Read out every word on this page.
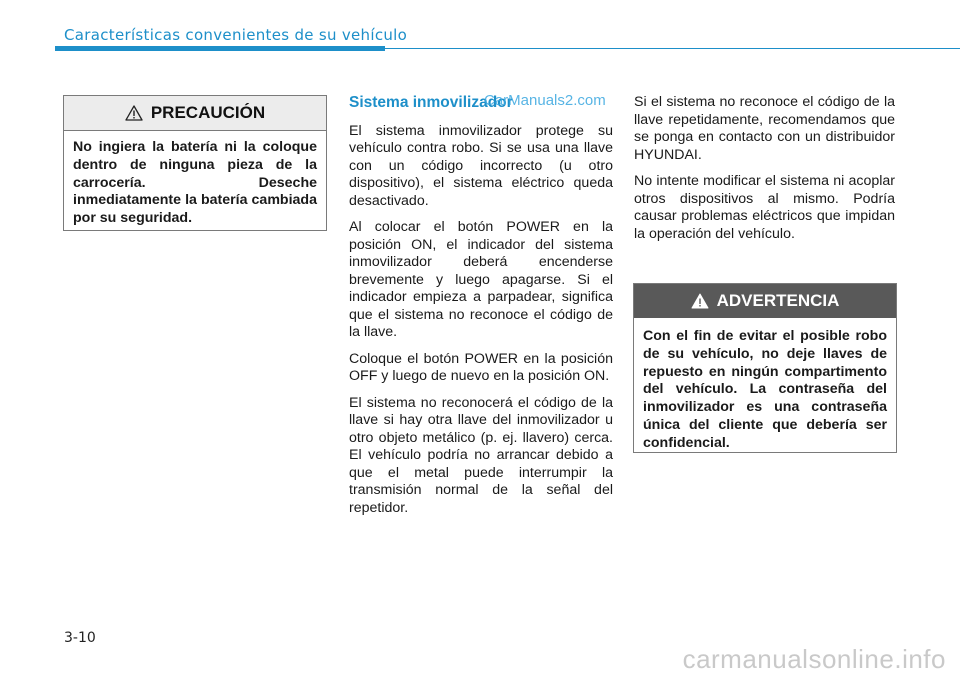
Características convenientes de su vehículo
PRECAUCIÓN
No ingiera la batería ni la coloque dentro de ninguna pieza de la carrocería. Deseche inmediatamente la batería cambiada por su seguridad.
Sistema inmovilizador
CarManuals2.com

El sistema inmovilizador protege su vehículo contra robo. Si se usa una llave con un código incorrecto (u otro dispositivo), el sistema eléctrico queda desactivado.

Al colocar el botón POWER en la posición ON, el indicador del sistema inmovilizador deberá encenderse brevemente y luego apagarse. Si el indicador empieza a parpadear, significa que el sistema no reconoce el código de la llave.

Coloque el botón POWER en la posición OFF y luego de nuevo en la posición ON.

El sistema no reconocerá el código de la llave si hay otra llave del inmovilizador u otro objeto metálico (p. ej. llavero) cerca. El vehículo podría no arrancar debido a que el metal puede interrumpir la transmisión normal de la señal del repetidor.

Si el sistema no reconoce el código de la llave repetidamente, recomendamos que se ponga en contacto con un distribuidor HYUNDAI.

No intente modificar el sistema ni acoplar otros dispositivos al mismo. Podría causar problemas eléctricos que impidan la operación del vehículo.

ADVERTENCIA
Con el fin de evitar el posible robo de su vehículo, no deje llaves de repuesto en ningún compartimento del vehículo. La contraseña del inmovilizador es una contraseña única del cliente que debería ser confidencial.
3-10
carmanualsonline.info
